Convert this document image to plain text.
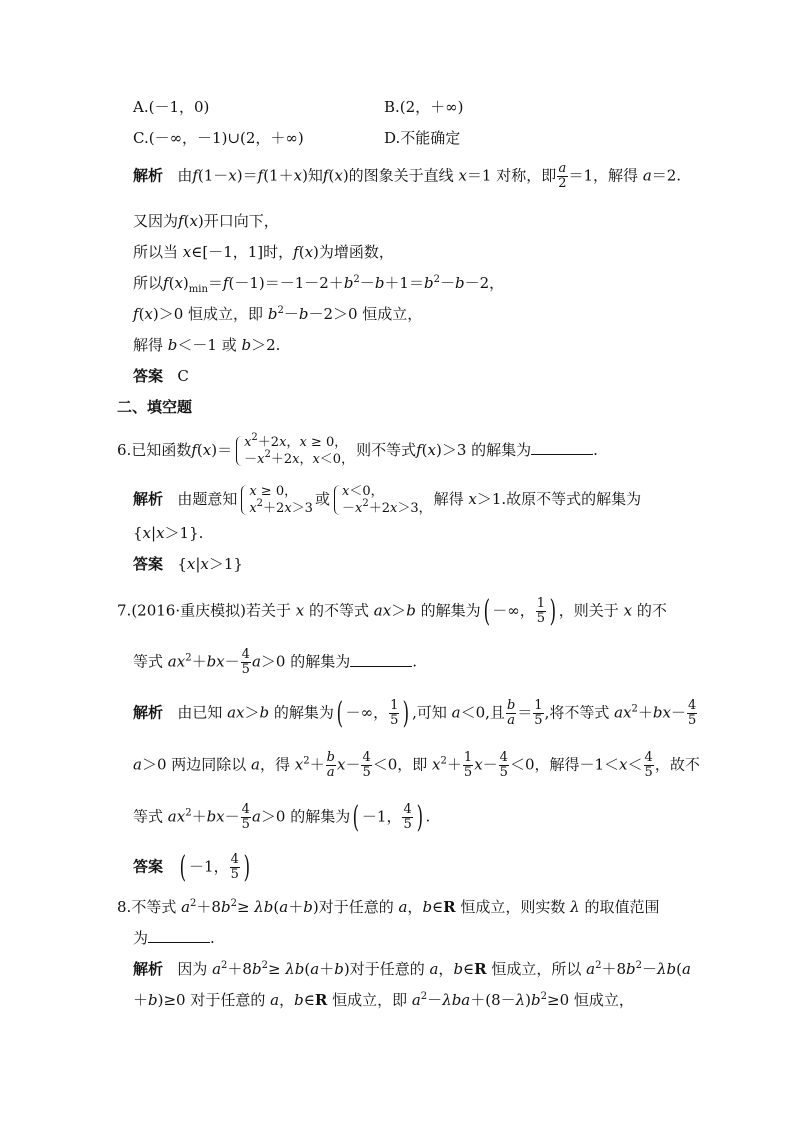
A.(－1，0)	B.(2，＋∞)
C.(－∞，－1)∪(2，＋∞)	D.不能确定
解析   由f(1－x)＝f(1＋x)知f(x)的图象关于直线 x＝1 对称，即 $\frac{a}{2} =1$，解得 a＝2.
又因为f(x)开口向下，
所以当 x∈[－1，1]时，f(x)为增函数，
所以$f(x)_{min}=f(-1)=-1-2+b^2-b+1=b^2-b-2$，
f(x)＞0 恒成立，即 $b^2-b-2>0$ 恒成立，
解得 b＜－1 或 b＞2.
答案 C
二、填空题
6.已知函数$f(x)= x^2+2x$，x ≥ 0，
$-x^2+2x$，x＜0，
则不等式f(x)＞3 的解集为	.
解析   由题意知 x ≥ 0，
$x^2+2x>3$
或 x＜0，
$-x^2+2x>3$，
解得 x＞1.故原不等式的解集为
{x|x＞1}.
答案   {x|x＞1}
7.(2016·重庆模拟)若关于 x 的不等式 ax＞b 的解集为( －∞， $\frac{1}{5}$ ) ，则关于 x 的不
等式 $ax^2+bx- \frac{4}{5} a>0$ 的解集为	.
解析   由已知 ax＞b 的解集为( －∞， $\frac{1}{5}$ ) ,可知 a＜0,且 $\frac{b}{a} = \frac{1}{5}$ ,将不等式 $ax^2+bx- \frac{4}{5}$
a＞0 两边同除以 a，得 $x^2+ \frac{b}{a} x- \frac{4}{5} <0$，即 $x^2+ \frac{1}{5} x- \frac{4}{5} <0$，解得$-1<x< \frac{4}{5}$ ，故不
等式 $ax^2+bx- \frac{4}{5} a>0$ 的解集为( －1， $\frac{4}{5}$ ) .
答案 ( －1， $\frac{4}{5}$ )
8.不等式 $a^2+8b^2\ge \lambda b(a+b)$对于任意的 a，b∈R 恒成立，则实数 λ 的取值范围
为	.
解析   因为 $a^2+8b^2\ge \lambda b(a+b)$对于任意的 a，b∈R 恒成立，所以 $a^2+8b^2-\lambda b(a$
＋b)≥0 对于任意的 a，b∈R 恒成立，即 $a^2-\lambda ba+(8-\lambda)b^2\ge 0$ 恒成立，
